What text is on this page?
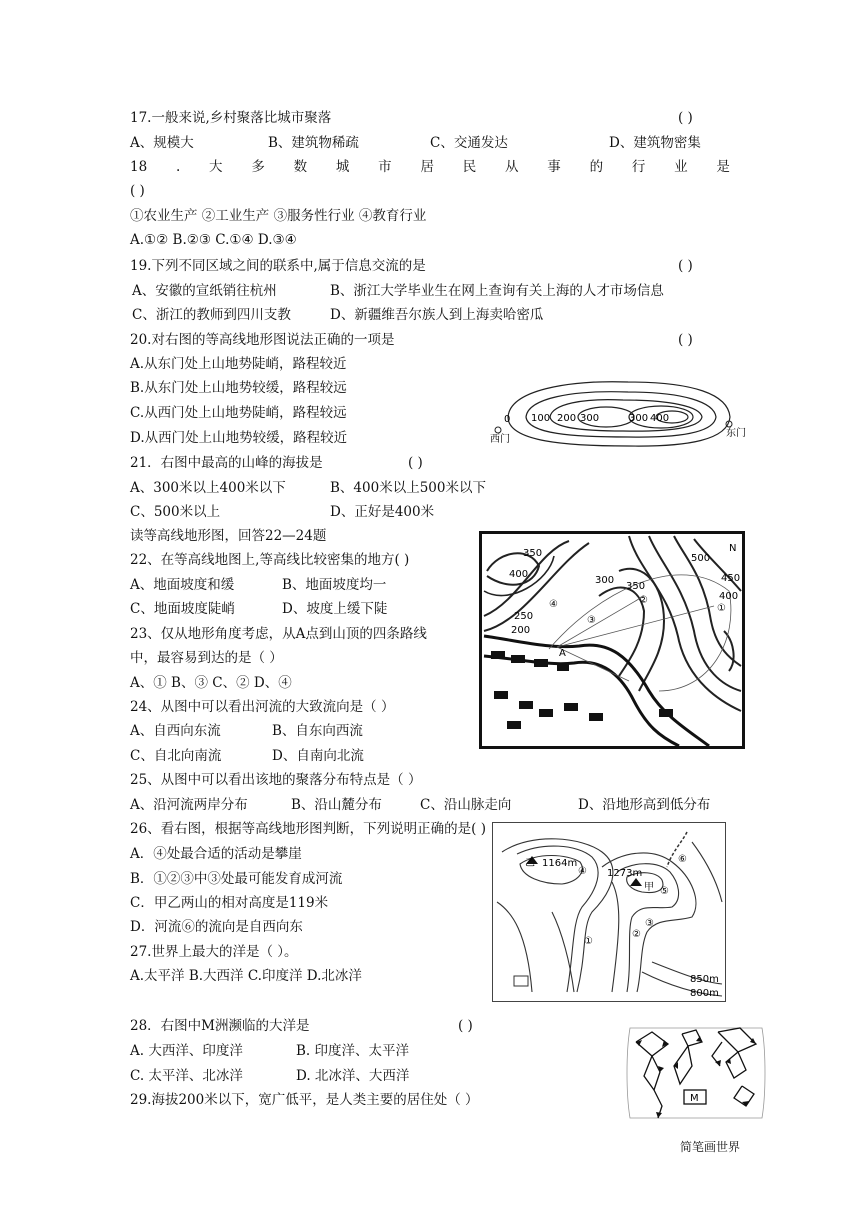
17.一般来说,乡村聚落比城市聚落	( )
A、规模大	B、建筑物稀疏	C、交通发达	D、建筑物密集
18 . 大 多 数 城 市 居 民 从 事 的 行 业 是
( )
①农业生产 ②工业生产 ③服务性行业 ④教育行业
A.①② B.②③ C.①④ D.③④
19.下列不同区域之间的联系中,属于信息交流的是	( )
A、安徽的宣纸销往杭州	B、浙江大学毕业生在网上查询有关上海的人才市场信息
C、浙江的教师到四川支教	D、新疆维吾尔族人到上海卖哈密瓜
20.对右图的等高线地形图说法正确的一项是	( )
A.从东门处上山地势陡峭，路程较近
B.从东门处上山地势较缓，路程较远
C.从西门处上山地势陡峭，路程较远
D.从西门处上山地势较缓，路程较近
0 100 200 300	300 400
西门
东门
21．右图中最高的山峰的海拔是	( )
A、300米以上400米以下	B、400米以上500米以下
C、500米以上	D、正好是400米
读等高线地形图，回答22—24题
22、在等高线地图上,等高线比较密集的地方( )
A、地面坡度和缓	B、地面坡度均一
C、地面坡度陡峭	D、坡度上缓下陡
23、仅从地形角度考虑，从A点到山顶的四条路线
中，最容易到达的是（ ）
A、① B、③ C、② D、④
24、从图中可以看出河流的大致流向是（ ）
A、自西向东流	B、自东向西流
C、自北向南流	D、自南向北流
350
400
300
350
250
200
500
450
400
N
A
①
②
③
④
25、从图中可以看出该地的聚落分布特点是（ ）
A、沿河流两岸分布	B、沿山麓分布	C、沿山脉走向	D、沿地形高到低分布
26、看右图，根据等高线地形图判断，下列说明正确的是( )
A．④处最合适的活动是攀崖
B．①②③中③处最可能发育成河流
C．甲乙两山的相对高度是119米
D．河流⑥的流向是自西向东
乙 1164m
1273m
甲
④
⑤
⑥
①
②
③
850m
800m
27.世界上最大的洋是（ ）。
A.太平洋 B.大西洋 C.印度洋 D.北冰洋
28．右图中M洲濒临的大洋是	( )
A. 大西洋、印度洋	B. 印度洋、太平洋
C. 太平洋、北冰洋	D. 北冰洋、大西洋
29.海拔200米以下，宽广低平，是人类主要的居住处（ ）	M
简笔画世界
